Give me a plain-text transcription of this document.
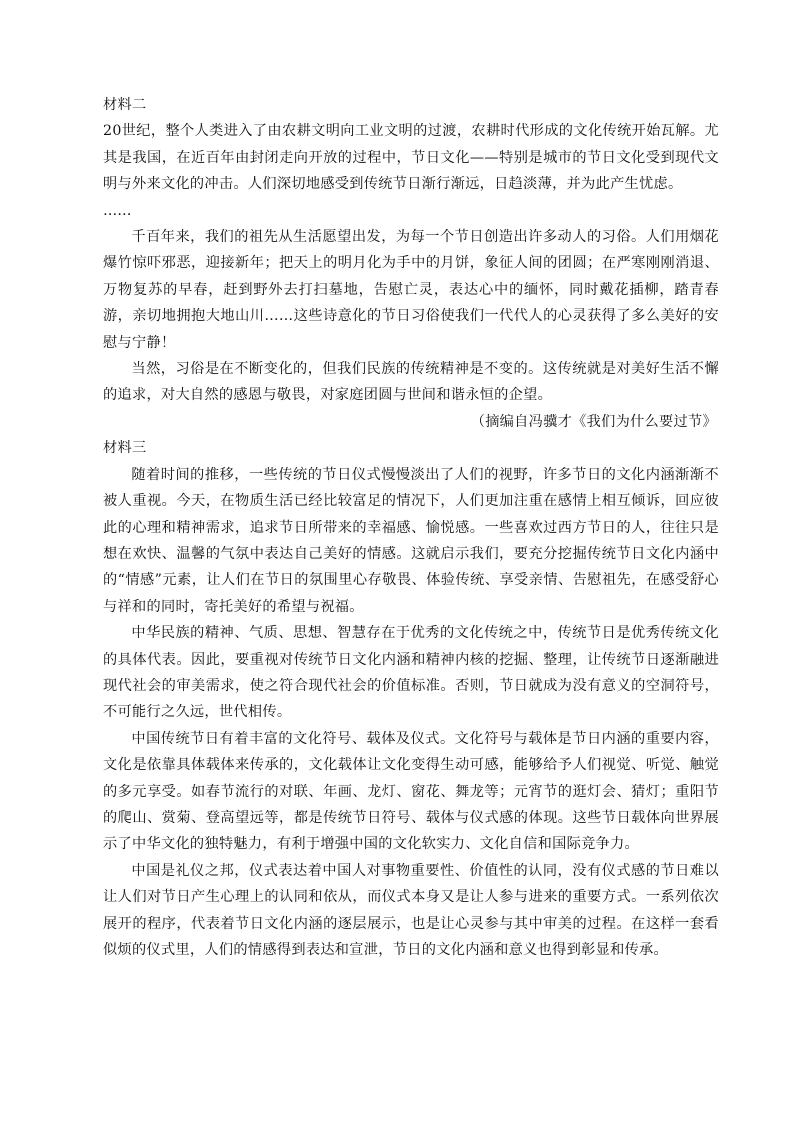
材料二

20世纪，整个人类进入了由农耕文明向工业文明的过渡，农耕时代形成的文化传统开始瓦解。尤其是我国，在近百年由封闭走向开放的过程中，节日文化——特别是城市的节日文化受到现代文明与外来文化的冲击。人们深切地感受到传统节日渐行渐远，日趋淡薄，并为此产生忧虑。

……

千百年来，我们的祖先从生活愿望出发，为每一个节日创造出许多动人的习俗。人们用烟花爆竹惊吓邪恶，迎接新年；把天上的明月化为手中的月饼，象征人间的团圆；在严寒刚刚消退、万物复苏的早春，赶到野外去打扫墓地，告慰亡灵，表达心中的缅怀，同时戴花插柳，踏青春游，亲切地拥抱大地山川……这些诗意化的节日习俗使我们一代代人的心灵获得了多么美好的安慰与宁静！

当然，习俗是在不断变化的，但我们民族的传统精神是不变的。这传统就是对美好生活不懈的追求，对大自然的感恩与敬畏，对家庭团圆与世间和谐永恒的企望。

（摘编自冯骥才《我们为什么要过节》

材料三

随着时间的推移，一些传统的节日仪式慢慢淡出了人们的视野，许多节日的文化内涵渐渐不被人重视。今天，在物质生活已经比较富足的情况下，人们更加注重在感情上相互倾诉，回应彼此的心理和精神需求，追求节日所带来的幸福感、愉悦感。一些喜欢过西方节日的人，往往只是想在欢快、温馨的气氛中表达自己美好的情感。这就启示我们，要充分挖掘传统节日文化内涵中的“情感”元素，让人们在节日的氛围里心存敬畏、体验传统、享受亲情、告慰祖先，在感受舒心与祥和的同时，寄托美好的希望与祝福。

中华民族的精神、气质、思想、智慧存在于优秀的文化传统之中，传统节日是优秀传统文化的具体代表。因此，要重视对传统节日文化内涵和精神内核的挖掘、整理，让传统节日逐渐融进现代社会的审美需求，使之符合现代社会的价值标准。否则，节日就成为没有意义的空洞符号，不可能行之久远，世代相传。

中国传统节日有着丰富的文化符号、载体及仪式。文化符号与载体是节日内涵的重要内容，文化是依靠具体载体来传承的，文化载体让文化变得生动可感，能够给予人们视觉、听觉、触觉的多元享受。如春节流行的对联、年画、龙灯、窗花、舞龙等；元宵节的逛灯会、猜灯；重阳节的爬山、赏菊、登高望远等，都是传统节日符号、载体与仪式感的体现。这些节日载体向世界展示了中华文化的独特魅力，有利于增强中国的文化软实力、文化自信和国际竞争力。

中国是礼仪之邦，仪式表达着中国人对事物重要性、价值性的认同，没有仪式感的节日难以让人们对节日产生心理上的认同和依从，而仪式本身又是让人参与进来的重要方式。一系列依次展开的程序，代表着节日文化内涵的逐层展示，也是让心灵参与其中审美的过程。在这样一套看似烦的仪式里，人们的情感得到表达和宣泄，节日的文化内涵和意义也得到彰显和传承。
